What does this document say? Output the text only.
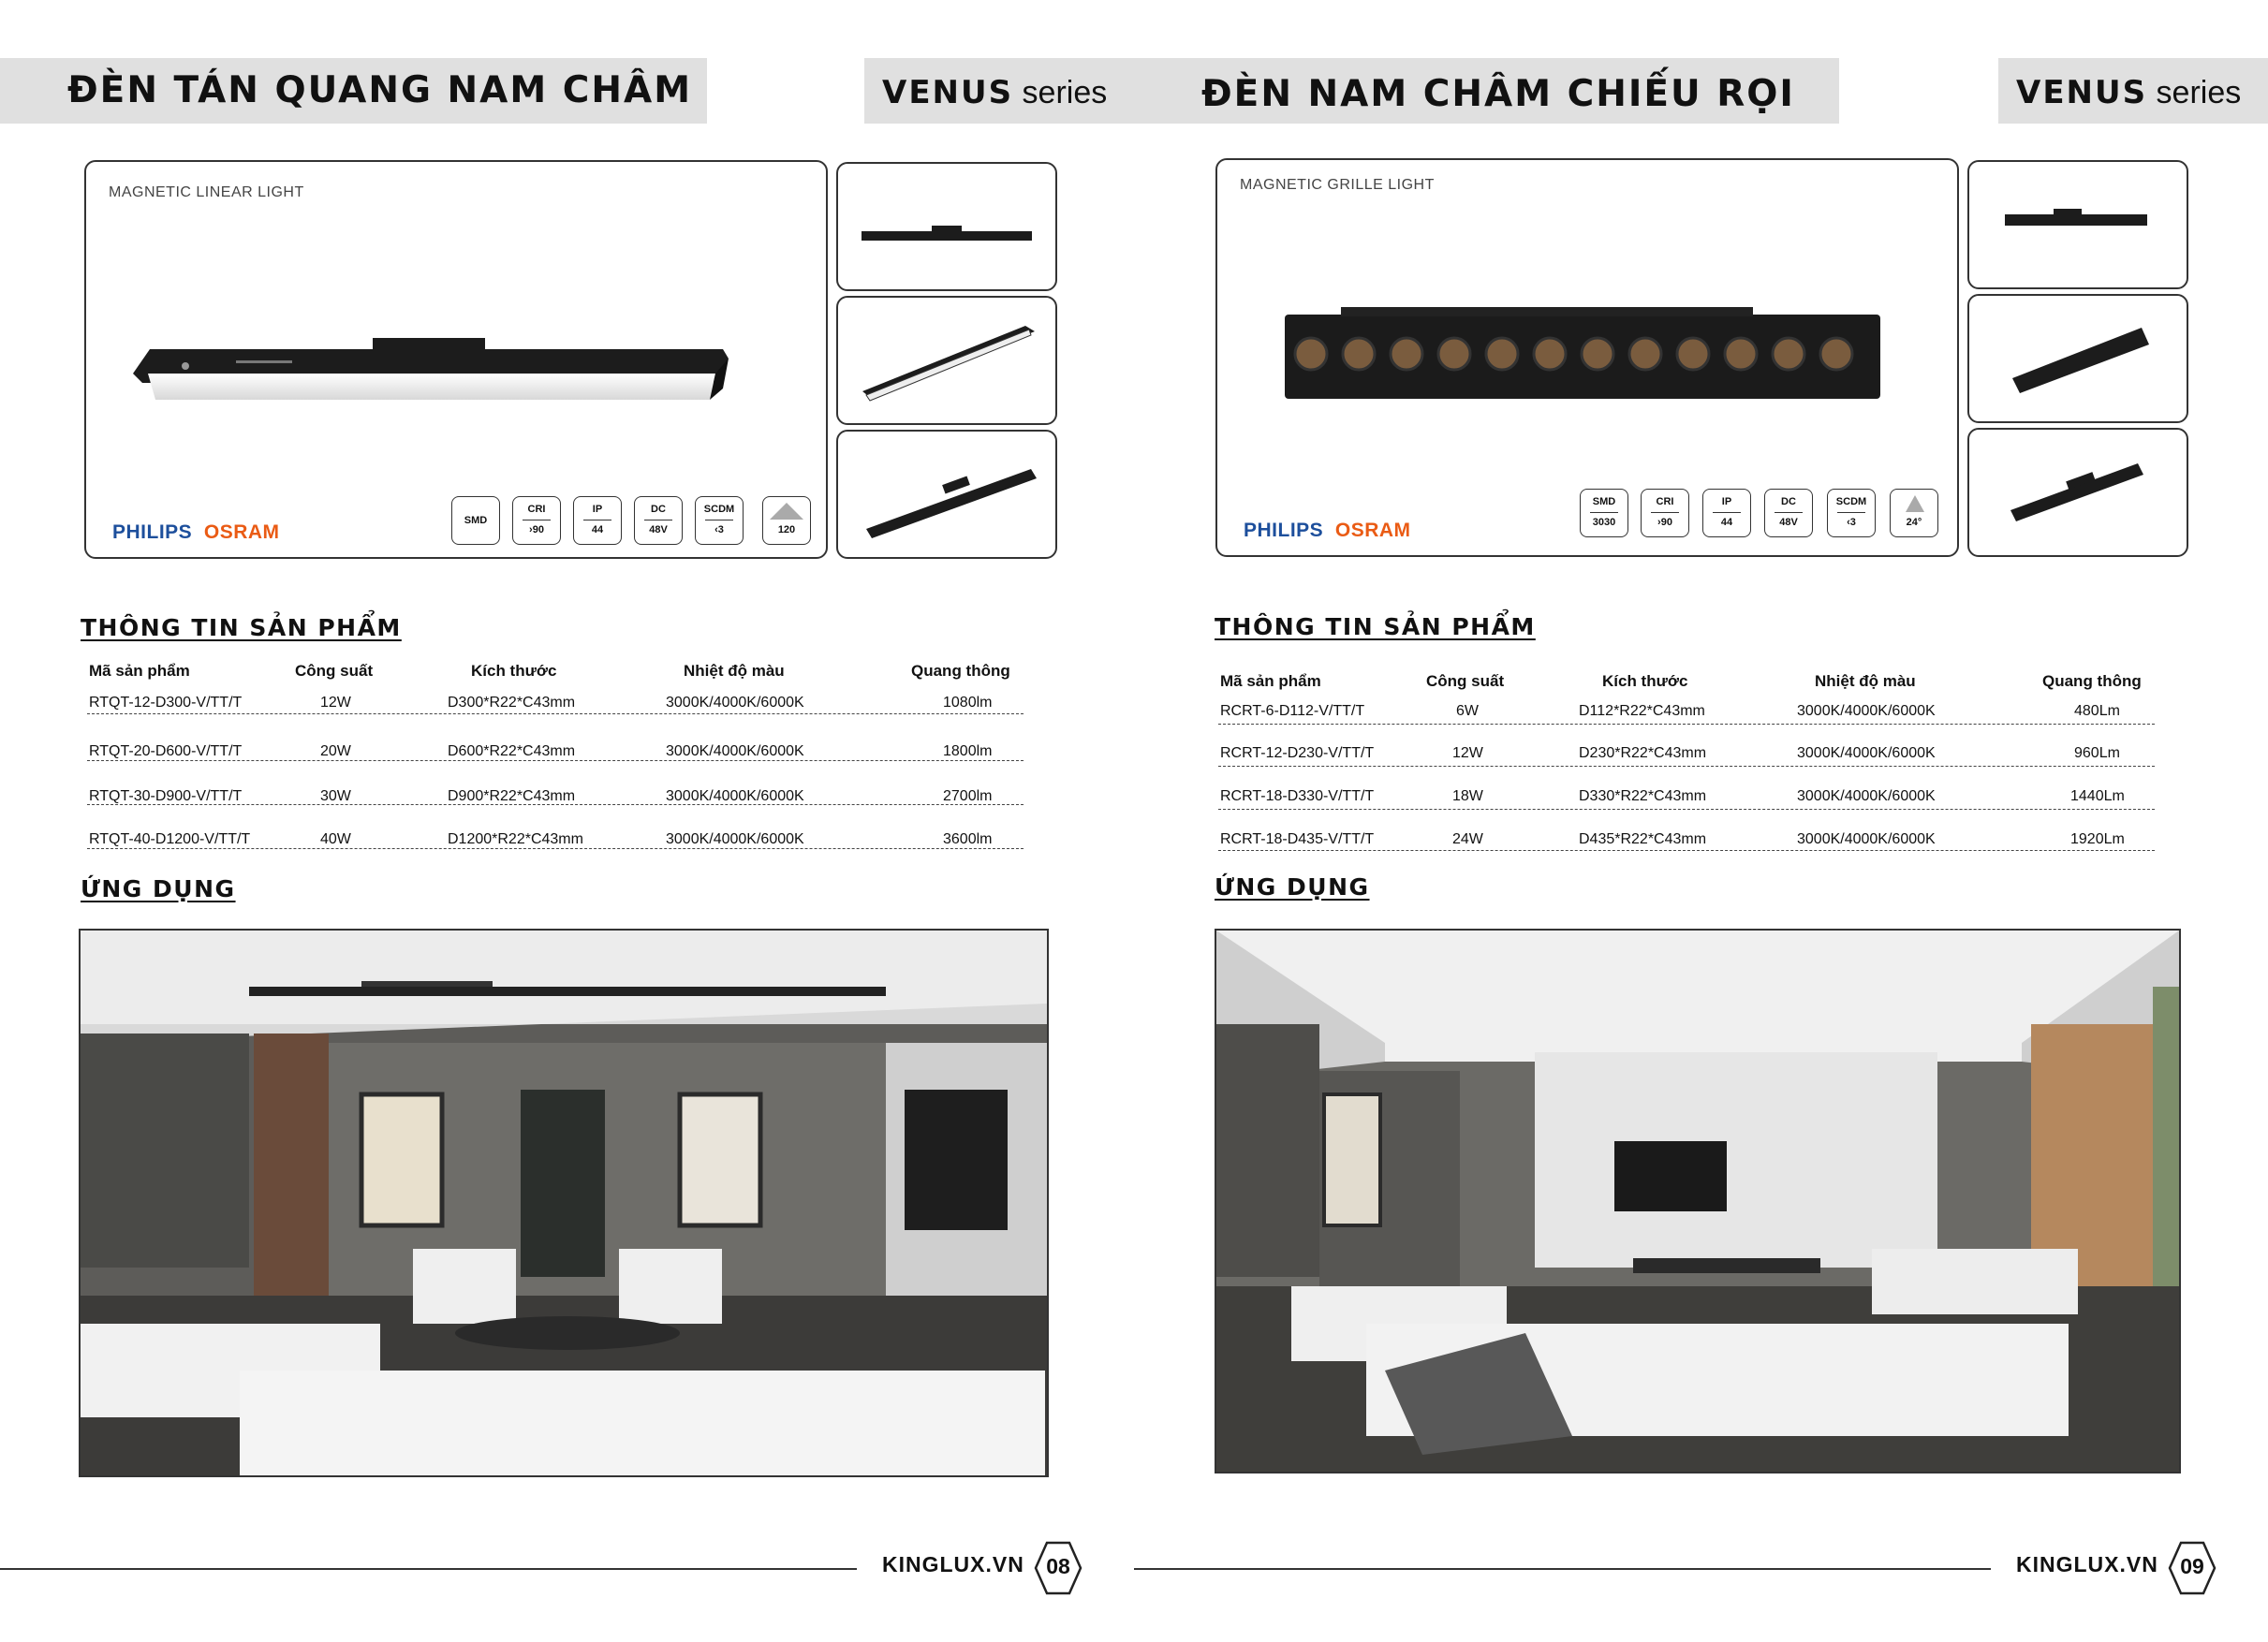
ĐÈN TÁN QUANG NAM CHÂM	VENUS series
MAGNETIC LINEAR LIGHT
PHILIPS OSRAM
SMD
CRI
›90
IP
44
DC
48V
SCDM
‹3	120
THÔNG TIN SẢN PHẨM
Mã sản phẩm	Công suất	Kích thước	Nhiệt độ màu	Quang thông
RTQT-12-D300-V/TT/T	12W	D300*R22*C43mm	3000K/4000K/6000K	1080lm
RTQT-20-D600-V/TT/T	20W	D600*R22*C43mm	3000K/4000K/6000K	1800lm
RTQT-30-D900-V/TT/T	30W	D900*R22*C43mm	3000K/4000K/6000K	2700lm
RTQT-40-D1200-V/TT/T	40W	D1200*R22*C43mm	3000K/4000K/6000K	3600lm
ỨNG DỤNG
KINGLUX.VN	08
ĐÈN NAM CHÂM CHIẾU RỌI	VENUS series
MAGNETIC GRILLE LIGHT
PHILIPS OSRAM
SMD
3030
CRI
›90
IP
44
DC
48V
SCDM
‹3	24°
THÔNG TIN SẢN PHẨM
Mã sản phẩm	Công suất	Kích thước	Nhiệt độ màu	Quang thông
RCRT-6-D112-V/TT/T	6W	D112*R22*C43mm	3000K/4000K/6000K	480Lm
RCRT-12-D230-V/TT/T	12W	D230*R22*C43mm	3000K/4000K/6000K	960Lm
RCRT-18-D330-V/TT/T	18W	D330*R22*C43mm	3000K/4000K/6000K	1440Lm
RCRT-18-D435-V/TT/T	24W	D435*R22*C43mm	3000K/4000K/6000K	1920Lm
ỨNG DỤNG
KINGLUX.VN	09
